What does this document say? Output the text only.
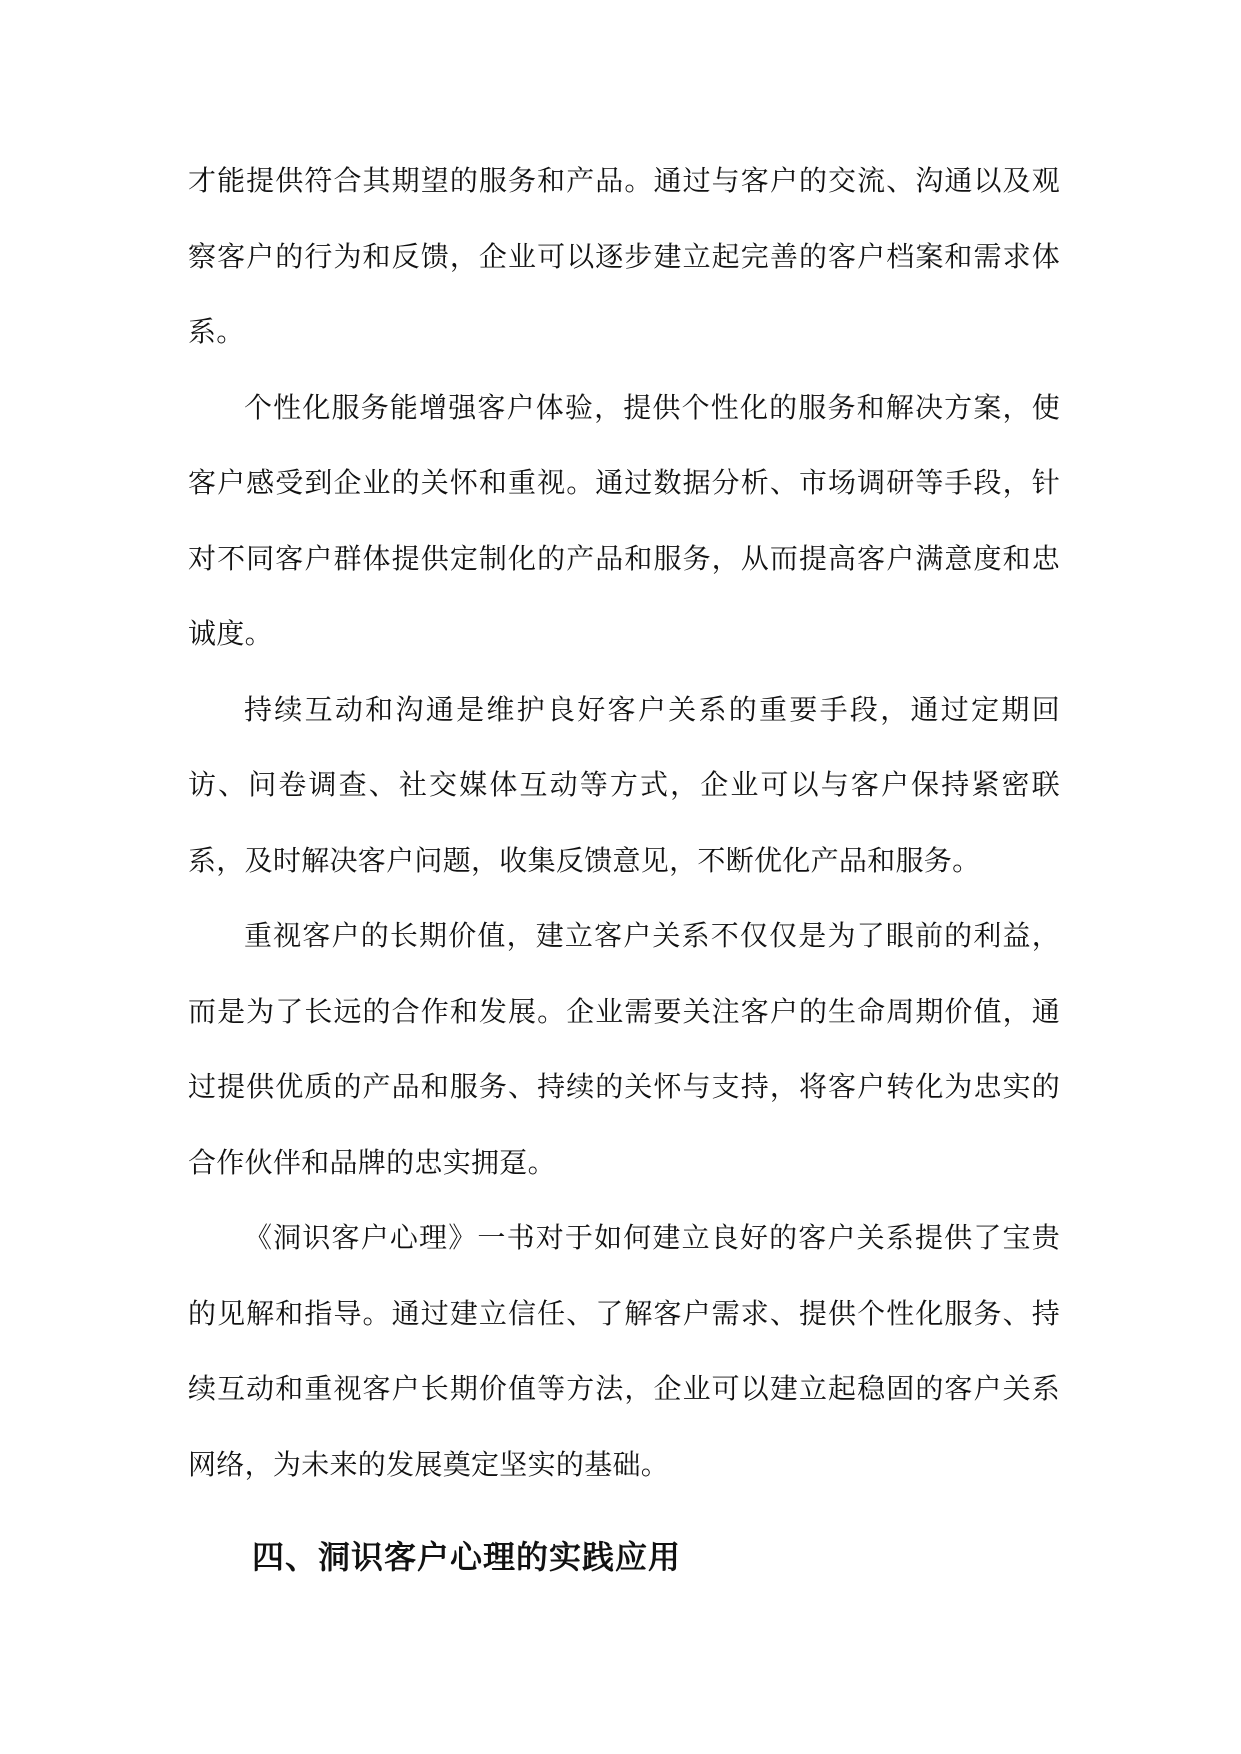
才能提供符合其期望的服务和产品。通过与客户的交流、沟通以及观察客户的行为和反馈，企业可以逐步建立起完善的客户档案和需求体系。

个性化服务能增强客户体验，提供个性化的服务和解决方案，使客户感受到企业的关怀和重视。通过数据分析、市场调研等手段，针对不同客户群体提供定制化的产品和服务，从而提高客户满意度和忠诚度。

持续互动和沟通是维护良好客户关系的重要手段，通过定期回访、问卷调查、社交媒体互动等方式，企业可以与客户保持紧密联系，及时解决客户问题，收集反馈意见，不断优化产品和服务。

重视客户的长期价值，建立客户关系不仅仅是为了眼前的利益，而是为了长远的合作和发展。企业需要关注客户的生命周期价值，通过提供优质的产品和服务、持续的关怀与支持，将客户转化为忠实的合作伙伴和品牌的忠实拥趸。

《洞识客户心理》一书对于如何建立良好的客户关系提供了宝贵的见解和指导。通过建立信任、了解客户需求、提供个性化服务、持续互动和重视客户长期价值等方法，企业可以建立起稳固的客户关系网络，为未来的发展奠定坚实的基础。

四、洞识客户心理的实践应用
